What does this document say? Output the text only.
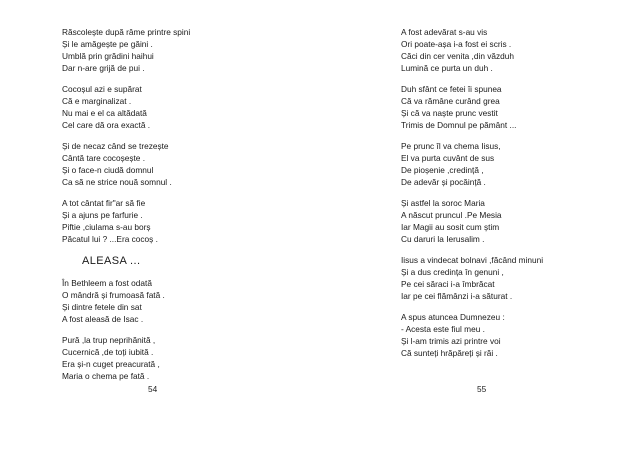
Răscolește după râme printre spini
Și le amăgește pe găini .
Umblă prin grădini haihui
Dar n-are grijă de pui .
Cocoșul azi e supărat
Că e marginalizat .
Nu mai e el ca altădată
Cel care dă ora exactă .
Și de necaz când se trezește
Cântă tare cocoșește .
Și o face-n ciudă domnul
Ca să ne strice nouă somnul .
A tot cântat fir"ar să fie
Și a ajuns pe farfurie .
Piftie ,ciulama s-au borș
Păcatul lui ? ...Era cocoș .
ALEASA ...
În Bethleem a fost odată
O mândră și frumoasă fată .
Și dintre fetele din sat
A fost aleasă de Isac .
Pură ,la trup neprihănită ,
Cucernică ,de toți iubită .
Era și-n cuget preacurată ,
Maria o chema pe fată .
54
A fost adevărat s-au vis
Ori poate-așa i-a fost ei scris .
Căci din cer venita ,din văzduh
Lumină ce purta un duh .
Duh sfânt ce fetei îi spunea
Că va rămâne curând grea
Și că va naște prunc vestit
Trimis de Domnul pe pământ ...
Pe prunc îl va chema Iisus,
El va purta cuvânt de sus
De pioșenie ,credință ,
De adevăr și pocăință .
Și astfel la soroc Maria
A născut pruncul .Pe Mesia
Iar Magii au sosit cum știm
Cu daruri la Ierusalim .
Iisus a vindecat bolnavi ,făcând minuni
Și a dus credința în genuni ,
Pe cei săraci i-a îmbrăcat
Iar pe cei flămânzi i-a săturat .
A spus atuncea Dumnezeu :
- Acesta este fiul meu .
Și l-am trimis azi printre voi
Că sunteți hrăpăreți și răi .
55
